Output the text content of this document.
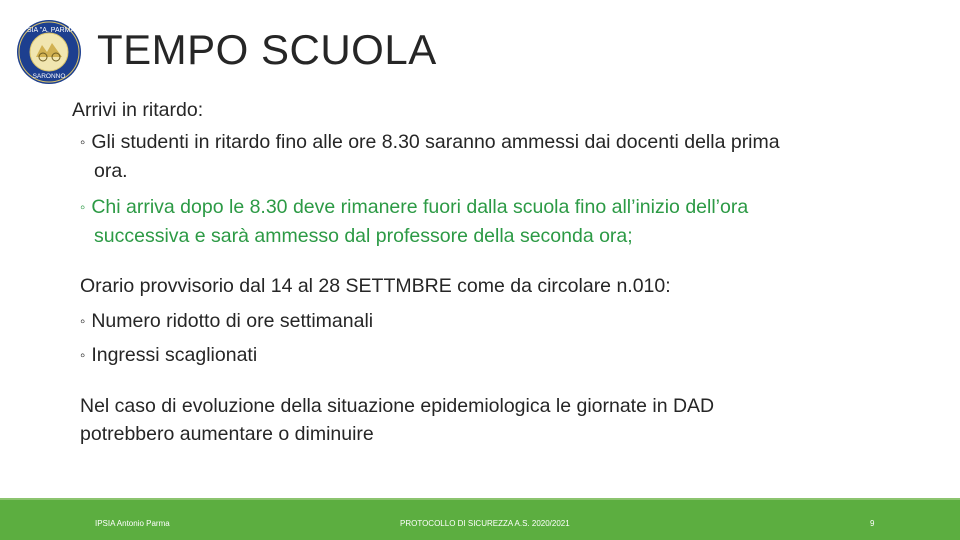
IPSIA "A. PARMA"
SARONNO
TEMPO SCUOLA
Arrivi in ritardo:
◦ Gli studenti in ritardo fino alle ore 8.30 saranno ammessi dai docenti della prima
ora.
◦ Chi arriva dopo le 8.30 deve rimanere fuori dalla scuola fino all’inizio dell’ora
successiva e sarà ammesso dal professore della seconda ora;
Orario provvisorio dal 14 al 28 SETTMBRE come da circolare n.010:
◦ Numero ridotto di ore settimanali
◦ Ingressi scaglionati
Nel caso di evoluzione della situazione epidemiologica le giornate in DAD
potrebbero aumentare o diminuire
IPSIA Antonio Parma	PROTOCOLLO DI SICUREZZA A.S. 2020/2021	9
